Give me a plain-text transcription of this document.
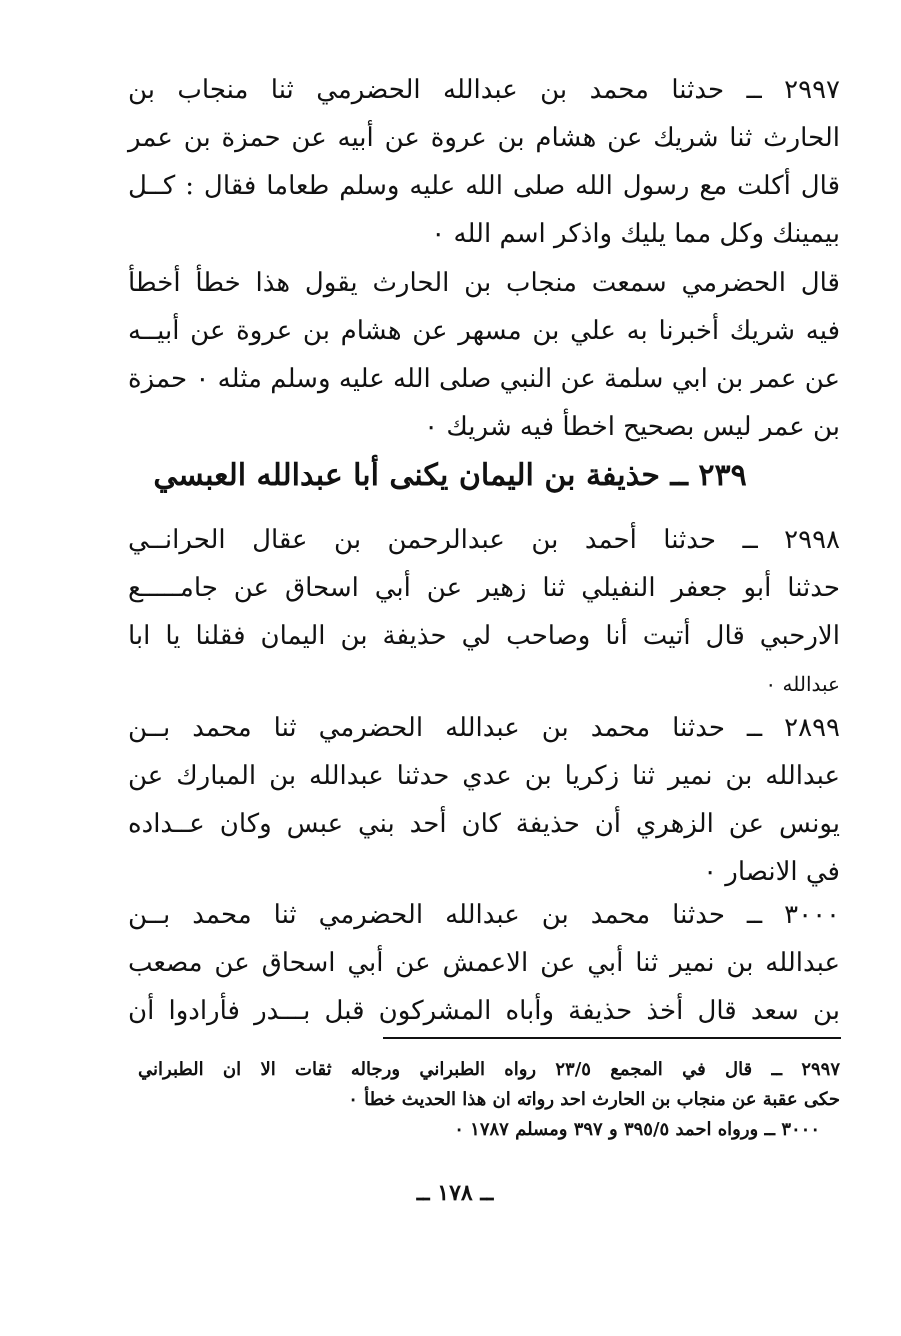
٢٩٩٧ ــ حدثنا محمد بن عبدالله الحضرمي ثنا منجاب بن
الحارث ثنا شريك عن هشام بن عروة عن أبيه عن حمزة بن عمر
قال أكلت مع رسول الله صلى الله عليه وسلم طعاما فقال : كــل
بيمينك وكل مما يليك واذكر اسم الله ٠
قال الحضرمي سمعت منجاب بن الحارث يقول هذا خطأ أخطأ
فيه شريك أخبرنا به علي بن مسهر عن هشام بن عروة عن أبيــه
عن عمر بن ابي سلمة عن النبي صلى الله عليه وسلم مثله ٠ حمزة
بن عمر ليس بصحيح اخطأ فيه شريك ٠
٢٣٩ ــ حذيفة بن اليمان يكنى أبا عبدالله العبسي
٢٩٩٨ ــ حدثنا أحمد بن عبدالرحمن بن عقال الحرانــي
حدثنا أبو جعفر النفيلي ثنا زهير عن أبي اسحاق عن جامـــــع
الارحبي قال أتيت أنا وصاحب لي حذيفة بن اليمان فقلنا يا ابا
عبدالله ٠
٢٨٩٩ ــ حدثنا محمد بن عبدالله الحضرمي ثنا محمد بــن
عبدالله بن نمير ثنا زكريا بن عدي حدثنا عبدالله بن المبارك عن
يونس عن الزهري أن حذيفة كان أحد بني عبس وكان عــداده
في الانصار ٠
٣٠٠٠ ــ حدثنا محمد بن عبدالله الحضرمي ثنا محمد بــن
عبدالله بن نمير ثنا أبي عن الاعمش عن أبي اسحاق عن مصعب
بن سعد قال أخذ حذيفة وأباه المشركون قبل بـــدر فأرادوا أن
٢٩٩٧ ــ قال في المجمع ٢٣/٥ رواه الطبراني ورجاله ثقات الا ان الطبراني
حكى عقبة عن منجاب بن الحارث احد رواته ان هذا الحديث خطأ ٠
٣٠٠٠ ــ ورواه احمد ٣٩٥/٥ و ٣٩٧ ومسلم ١٧٨٧ ٠
ــ ١٧٨ ــ
